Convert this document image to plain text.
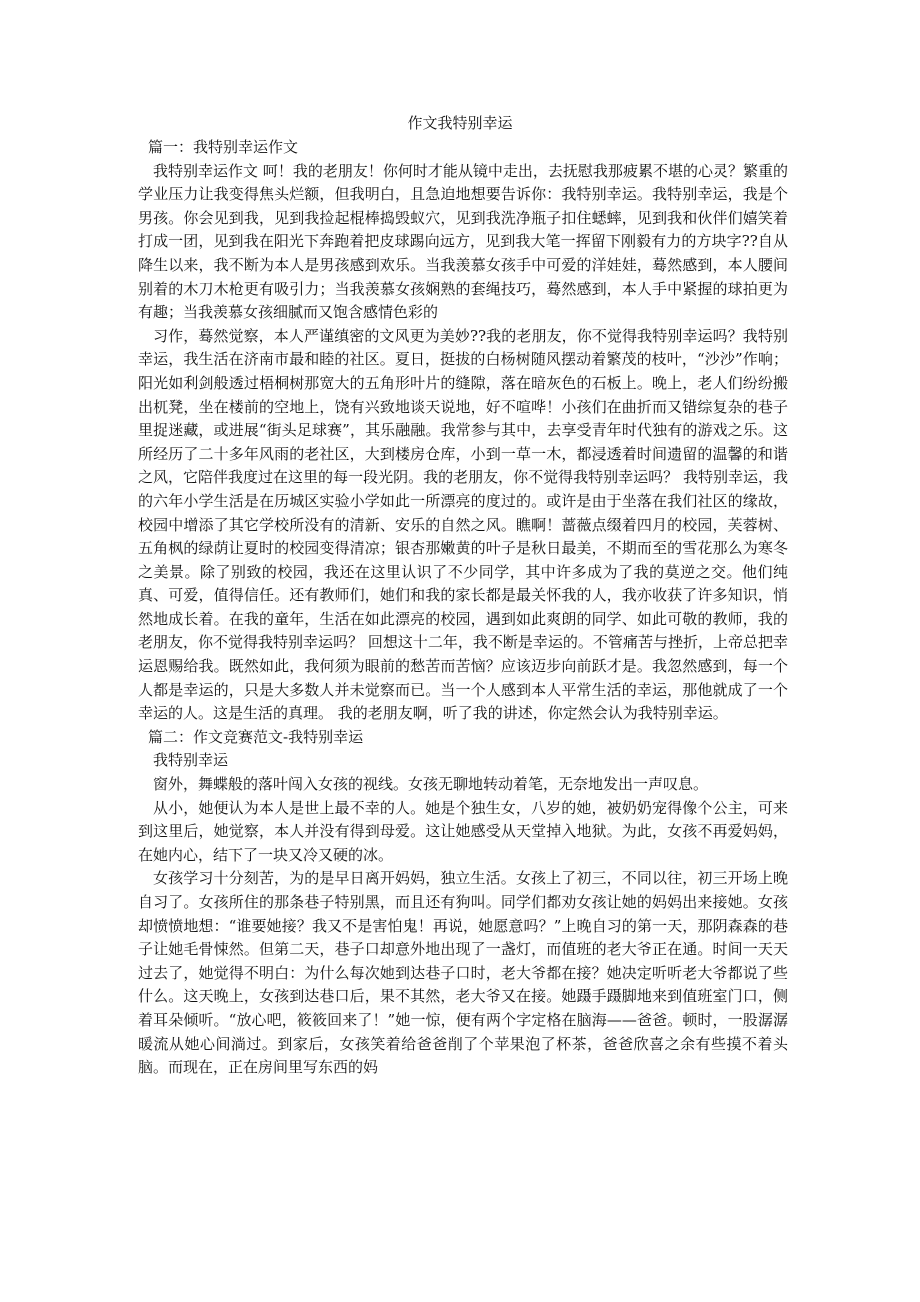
作文我特别幸运

篇一：我特别幸运作文

我特别幸运作文 呵！我的老朋友！你何时才能从镜中走出，去抚慰我那疲累不堪的心灵？繁重的学业压力让我变得焦头烂额，但我明白，且急迫地想要告诉你：我特别幸运。我特别幸运，我是个男孩。你会见到我，见到我捡起棍棒捣毁蚁穴，见到我洗净瓶子扣住蟋蟀，见到我和伙伴们嬉笑着打成一团，见到我在阳光下奔跑着把皮球踢向远方，见到我大笔一挥留下刚毅有力的方块字??自从降生以来，我不断为本人是男孩感到欢乐。当我羡慕女孩手中可爱的洋娃娃，蓦然感到，本人腰间别着的木刀木枪更有吸引力；当我羡慕女孩娴熟的套绳技巧，蓦然感到，本人手中紧握的球拍更为有趣；当我羡慕女孩细腻而又饱含感情色彩的

习作，蓦然觉察，本人严谨缜密的文风更为美妙??我的老朋友，你不觉得我特别幸运吗？我特别幸运，我生活在济南市最和睦的社区。夏日，挺拔的白杨树随风摆动着繁茂的枝叶，“沙沙”作响；阳光如利剑般透过梧桐树那宽大的五角形叶片的缝隙，落在暗灰色的石板上。晚上，老人们纷纷搬出杌凳，坐在楼前的空地上，饶有兴致地谈天说地，好不喧哗！小孩们在曲折而又错综复杂的巷子里捉迷藏，或进展“街头足球赛”，其乐融融。我常参与其中，去享受青年时代独有的游戏之乐。这所经历了二十多年风雨的老社区，大到楼房仓库，小到一草一木，都浸透着时间遗留的温馨的和谐之风，它陪伴我度过在这里的每一段光阴。我的老朋友，你不觉得我特别幸运吗？ 我特别幸运，我的六年小学生活是在历城区实验小学如此一所漂亮的度过的。或许是由于坐落在我们社区的缘故，校园中增添了其它学校所没有的清新、安乐的自然之风。瞧啊！蔷薇点缀着四月的校园，芙蓉树、五角枫的绿荫让夏时的校园变得清凉；银杏那嫩黄的叶子是秋日最美，不期而至的雪花那么为寒冬之美景。除了别致的校园，我还在这里认识了不少同学，其中许多成为了我的莫逆之交。他们纯真、可爱，值得信任。还有教师们，她们和我的家长都是最关怀我的人，我亦收获了许多知识，悄然地成长着。在我的童年，生活在如此漂亮的校园，遇到如此爽朗的同学、如此可敬的教师，我的老朋友，你不觉得我特别幸运吗？ 回想这十二年，我不断是幸运的。不管痛苦与挫折，上帝总把幸运恩赐给我。既然如此，我何须为眼前的愁苦而苦恼？应该迈步向前跃才是。我忽然感到，每一个人都是幸运的，只是大多数人并未觉察而已。当一个人感到本人平常生活的幸运，那他就成了一个幸运的人。这是生活的真理。 我的老朋友啊，听了我的讲述，你定然会认为我特别幸运。

篇二：作文竞赛范文-我特别幸运

我特别幸运

窗外，舞蝶般的落叶闯入女孩的视线。女孩无聊地转动着笔，无奈地发出一声叹息。

从小，她便认为本人是世上最不幸的人。她是个独生女，八岁的她，被奶奶宠得像个公主，可来到这里后，她觉察，本人并没有得到母爱。这让她感受从天堂掉入地狱。为此，女孩不再爱妈妈，在她内心，结下了一块又冷又硬的冰。

女孩学习十分刻苦，为的是早日离开妈妈，独立生活。女孩上了初三，不同以往，初三开场上晚自习了。女孩所住的那条巷子特别黑，而且还有狗叫。同学们都劝女孩让她的妈妈出来接她。女孩却愤愤地想：“谁要她接？我又不是害怕鬼！再说，她愿意吗？”上晚自习的第一天，那阴森森的巷子让她毛骨悚然。但第二天，巷子口却意外地出现了一盏灯，而值班的老大爷正在通。时间一天天过去了，她觉得不明白：为什么每次她到达巷子口时，老大爷都在接？她决定听听老大爷都说了些什么。这天晚上，女孩到达巷口后，果不其然，老大爷又在接。她蹑手蹑脚地来到值班室门口，侧着耳朵倾听。“放心吧，筱筱回来了！”她一惊，便有两个字定格在脑海——爸爸。顿时，一股潺潺暖流从她心间淌过。到家后，女孩笑着给爸爸削了个苹果泡了杯茶，爸爸欣喜之余有些摸不着头脑。而现在，正在房间里写东西的妈
